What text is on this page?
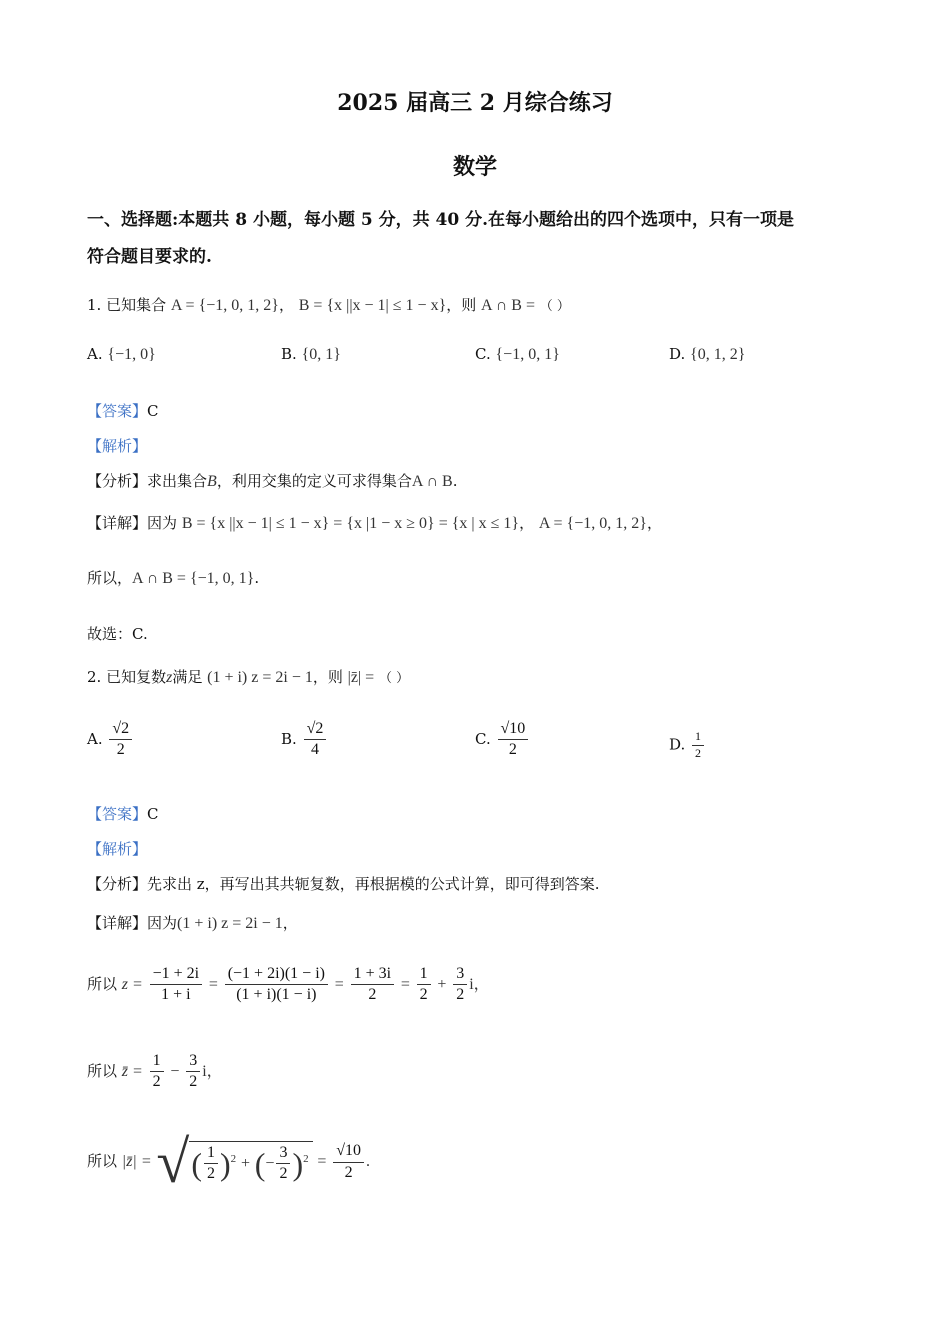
2025 届高三 2 月综合练习
数学
一、选择题:本题共 8 小题，每小题 5 分，共 40 分.在每小题给出的四个选项中，只有一项是
符合题目要求的.
1. 已知集合 A = {−1, 0, 1, 2}， B = {x ||x − 1| ≤ 1 − x}，则 A ∩ B = （ ）
A. {−1, 0}	B. {0, 1}	C. {−1, 0, 1}	D. {0, 1, 2}
【答案】C
【解析】
【分析】求出集合B，利用交集的定义可求得集合A ∩ B.
【详解】因为 B = {x ||x − 1| ≤ 1 − x} = {x |1 − x ≥ 0} = {x | x ≤ 1}， A = {−1, 0, 1, 2}，
所以，A ∩ B = {−1, 0, 1}.
故选：C.
2. 已知复数z满足 (1 + i) z = 2i − 1，则 |z̄| = （ ）
A. $\frac{√2}{2}$	B. $\frac{√2}{4}$	C. $\frac{√10}{2}$	D. $\frac{1}{2}$
【答案】C
【解析】
【分析】先求出 z，再写出其共轭复数，再根据模的公式计算，即可得到答案.
【详解】因为(1 + i) z = 2i − 1，
所以 $z = \frac{-1 + 2i}{1 + i} = \frac{(-1 + 2i)(1 - i)}{(1 + i)(1 - i)} = \frac{1 + 3i}{2} = \frac{1}{2} + \frac{3}{2}$ i，
所以 z̄ = $\frac{1}{2} - \frac{3}{2}$ i，
所以 |z̄| = √( $\frac{1}{2} )^2$ + (− $\frac{3}{2} )^2 = \frac{√10}{2}$ .
